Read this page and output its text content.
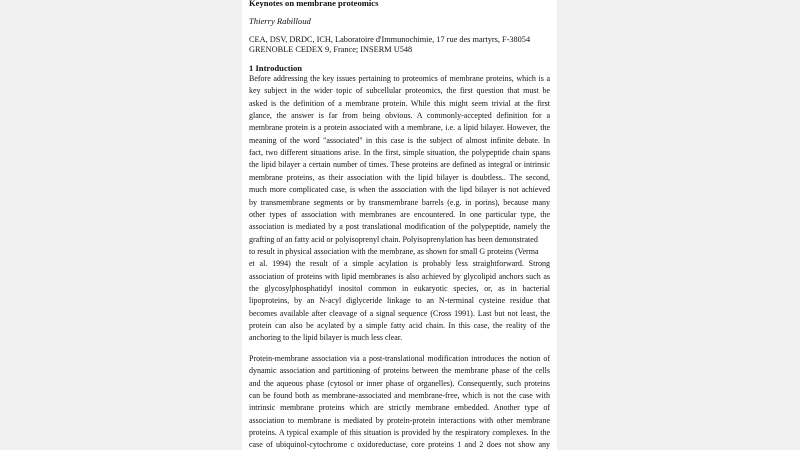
Keynotes on membrane proteomics
Thierry Rabilloud
CEA, DSV, DRDC, ICH, Laboratoire d'Immunochimie, 17 rue des martyrs, F-38054
GRENOBLE CEDEX 9, France; INSERM U548
1 Introduction
Before addressing the key issues pertaining to proteomics of membrane proteins, which is a
key subject in the wider topic of subcellular proteomics, the first question that must be
asked is the definition of a membrane protein. While this might seem trivial at the first
glance, the answer is far from being obvious. A commonly-accepted definition for a
membrane protein is a protein associated with a membrane, i.e. a lipid bilayer. However, the
meaning of the word "associated" in this case is the subject of almost infinite debate. In
fact, two different situations arise. In the first, simple situation, the polypeptide chain spans
the lipid bilayer a certain number of times. These proteins are defined as integral or intrinsic
membrane proteins, as their association with the lipid bilayer is doubtless.. The second,
much more complicated case, is when the association with the lipd bilayer is not achieved
by transmembrane segments or by transmembrane barrels (e.g. in porins), because many
other types of association with membranes are encountered. In one particular type, the
association is mediated by a post translational modification of the polypeptide, namely the
grafting of an fatty acid or polyisoprenyl chain. Polyisoprenylation has been demonstrated
to result in physical association with the membrane, as shown for small G proteins (Verma
et al. 1994) the result of a simple acylation is probably less straightforward. Strong
association of proteins with lipid membranes is also achieved by glycolipid anchors such as
the glycosylphosphatidyl inositol common in eukaryotic species, or, as in bacterial
lipoproteins, by an N-acyl diglyceride linkage to an N-terminal cysteine residue that
becomes available after cleavage of a signal sequence (Cross 1991). Last but not least, the
protein can also be acylated by a simple fatty acid chain. In this case, the reality of the
anchoring to the lipid bilayer is much less clear.
Protein-membrane association via a post-translational modification introduces the notion of
dynamic association and partitioning of proteins between the membrane phase of the cells
and the aqueous phase (cytosol or inner phase of organelles). Consequently, such proteins
can be found both as membrane-associated and membrane-free, which is not the case with
intrinsic membrane proteins which are strictly membrane embedded. Another type of
association to membrane is mediated by protein-protein interactions with other membrane
proteins. A typical example of this situation is provided by the respiratory complexes. In the
case of ubiquinol-cytochrome c oxidoreductase, core proteins 1 and 2 does not show any
